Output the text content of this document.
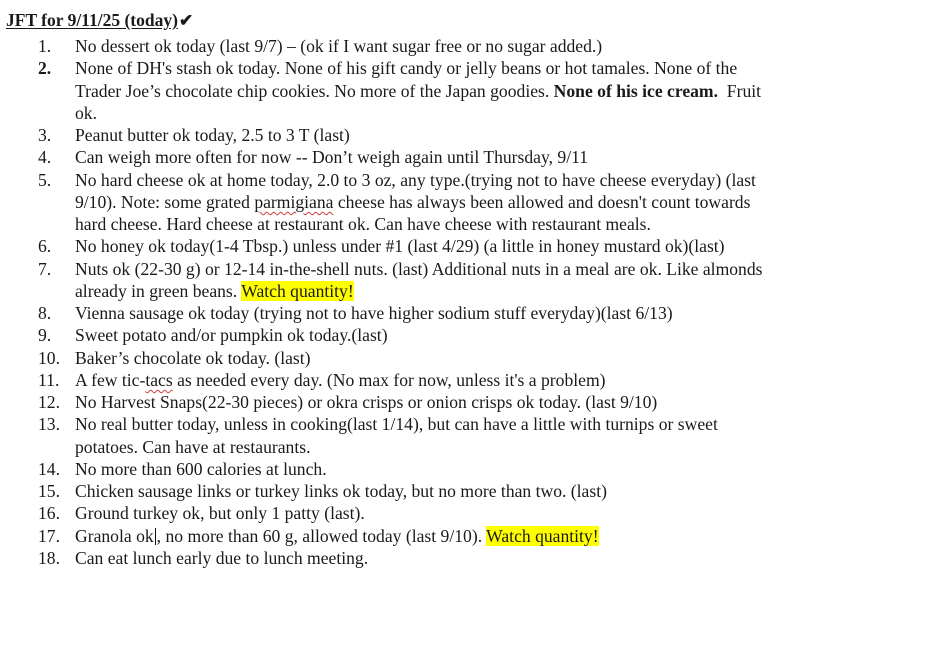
JFT for 9/11/25 (today)✔
1. No dessert ok today (last 9/7) – (ok if I want sugar free or no sugar added.)
2. None of DH's stash ok today. None of his gift candy or jelly beans or hot tamales. None of the
Trader Joe’s chocolate chip cookies. No more of the Japan goodies. None of his ice cream.  Fruit
ok.
3. Peanut butter ok today, 2.5 to 3 T (last)
4. Can weigh more often for now -- Don’t weigh again until Thursday, 9/11
5. No hard cheese ok at home today, 2.0 to 3 oz, any type.(trying not to have cheese everyday) (last
9/10). Note: some grated parmigiana cheese has always been allowed and doesn't count towards
hard cheese. Hard cheese at restaurant ok. Can have cheese with restaurant meals.
6. No honey ok today(1-4 Tbsp.) unless under #1 (last 4/29) (a little in honey mustard ok)(last)
7. Nuts ok (22-30 g) or 12-14 in-the-shell nuts. (last) Additional nuts in a meal are ok. Like almonds
already in green beans. Watch quantity!
8. Vienna sausage ok today (trying not to have higher sodium stuff everyday)(last 6/13)
9. Sweet potato and/or pumpkin ok today.(last)
10. Baker’s chocolate ok today. (last)
11. A few tic-tacs as needed every day. (No max for now, unless it's a problem)
12. No Harvest Snaps(22-30 pieces) or okra crisps or onion crisps ok today. (last 9/10)
13. No real butter today, unless in cooking(last 1/14), but can have a little with turnips or sweet
potatoes. Can have at restaurants.
14. No more than 600 calories at lunch.
15. Chicken sausage links or turkey links ok today, but no more than two. (last)
16. Ground turkey ok, but only 1 patty (last).
17. Granola ok , no more than 60 g, allowed today (last 9/10). Watch quantity!
18. Can eat lunch early due to lunch meeting.
